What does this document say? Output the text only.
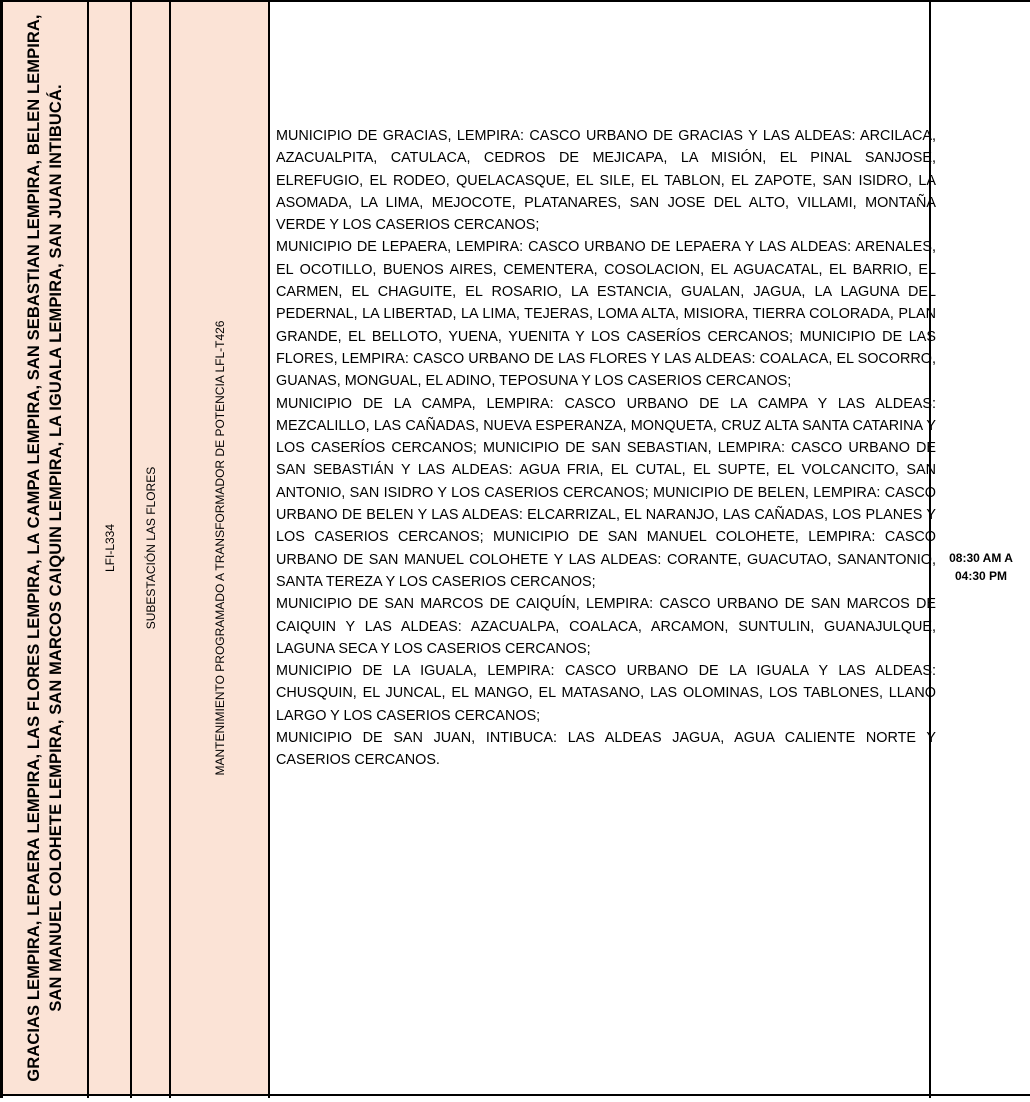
GRACIAS LEMPIRA, LEPAERA LEMPIRA, LAS FLORES LEMPIRA, LA CAMPA LEMPIRA, SAN SEBASTIAN LEMPIRA, BELEN LEMPIRA, SAN MANUEL COLOHETE LEMPIRA, SAN MARCOS CAIQUIN LEMPIRA, LA IGUALA LEMPIRA, SAN JUAN INTIBUCÁ.	LFI-L334 SUBESTACIÓN LAS FLORES	MANTENIMIENTO PROGRAMADO A TRANSFORMADOR DE POTENCIA LFL-T426

MUNICIPIO DE GRACIAS, LEMPIRA: CASCO URBANO DE GRACIAS Y LAS ALDEAS: ARCILACA, AZACUALPITA, CATULACA, CEDROS DE MEJICAPA, LA MISIÓN, EL PINAL SANJOSE, ELREFUGIO, EL RODEO, QUELACASQUE, EL SILE, EL TABLON, EL ZAPOTE, SAN ISIDRO, LA ASOMADA, LA LIMA, MEJOCOTE, PLATANARES, SAN JOSE DEL ALTO, VILLAMI, MONTAÑA VERDE Y LOS CASERIOS CERCANOS;

MUNICIPIO DE LEPAERA, LEMPIRA: CASCO URBANO DE LEPAERA Y LAS ALDEAS: ARENALES, EL OCOTILLO, BUENOS AIRES, CEMENTERA, COSOLACION, EL AGUACATAL, EL BARRIO, EL CARMEN, EL CHAGUITE, EL ROSARIO, LA ESTANCIA, GUALAN, JAGUA, LA LAGUNA DEL PEDERNAL, LA LIBERTAD, LA LIMA, TEJERAS, LOMA ALTA, MISIORA, TIERRA COLORADA, PLAN GRANDE, EL BELLOTO, YUENA, YUENITA Y LOS CASERÍOS CERCANOS; MUNICIPIO DE LAS FLORES, LEMPIRA: CASCO URBANO DE LAS FLORES Y LAS ALDEAS: COALACA, EL SOCORRO, GUANAS, MONGUAL, EL ADINO, TEPOSUNA Y LOS CASERIOS CERCANOS;

MUNICIPIO DE LA CAMPA, LEMPIRA: CASCO URBANO DE LA CAMPA Y LAS ALDEAS: MEZCALILLO, LAS CAÑADAS, NUEVA ESPERANZA, MONQUETA, CRUZ ALTA SANTA CATARINA Y LOS CASERÍOS CERCANOS; MUNICIPIO DE SAN SEBASTIAN, LEMPIRA: CASCO URBANO DE SAN SEBASTIÁN Y LAS ALDEAS: AGUA FRIA, EL CUTAL, EL SUPTE, EL VOLCANCITO, SAN ANTONIO, SAN ISIDRO Y LOS CASERIOS CERCANOS; MUNICIPIO DE BELEN, LEMPIRA: CASCO URBANO DE BELEN Y LAS ALDEAS: ELCARRIZAL, EL NARANJO, LAS CAÑADAS, LOS PLANES Y LOS CASERIOS CERCANOS; MUNICIPIO DE SAN MANUEL COLOHETE, LEMPIRA: CASCO URBANO DE SAN MANUEL COLOHETE Y LAS ALDEAS: CORANTE, GUACUTAO, SANANTONIO, SANTA TEREZA Y LOS CASERIOS CERCANOS;

MUNICIPIO DE SAN MARCOS DE CAIQUÍN, LEMPIRA: CASCO URBANO DE SAN MARCOS DE CAIQUIN Y LAS ALDEAS: AZACUALPA, COALACA, ARCAMON, SUNTULIN, GUANAJULQUE, LAGUNA SECA Y LOS CASERIOS CERCANOS;

MUNICIPIO DE LA IGUALA, LEMPIRA: CASCO URBANO DE LA IGUALA Y LAS ALDEAS: CHUSQUIN, EL JUNCAL, EL MANGO, EL MATASANO, LAS OLOMINAS, LOS TABLONES, LLANO LARGO Y LOS CASERIOS CERCANOS;

MUNICIPIO DE SAN JUAN, INTIBUCA: LAS ALDEAS JAGUA, AGUA CALIENTE NORTE Y CASERIOS CERCANOS.

08:30 AM A
04:30 PM
